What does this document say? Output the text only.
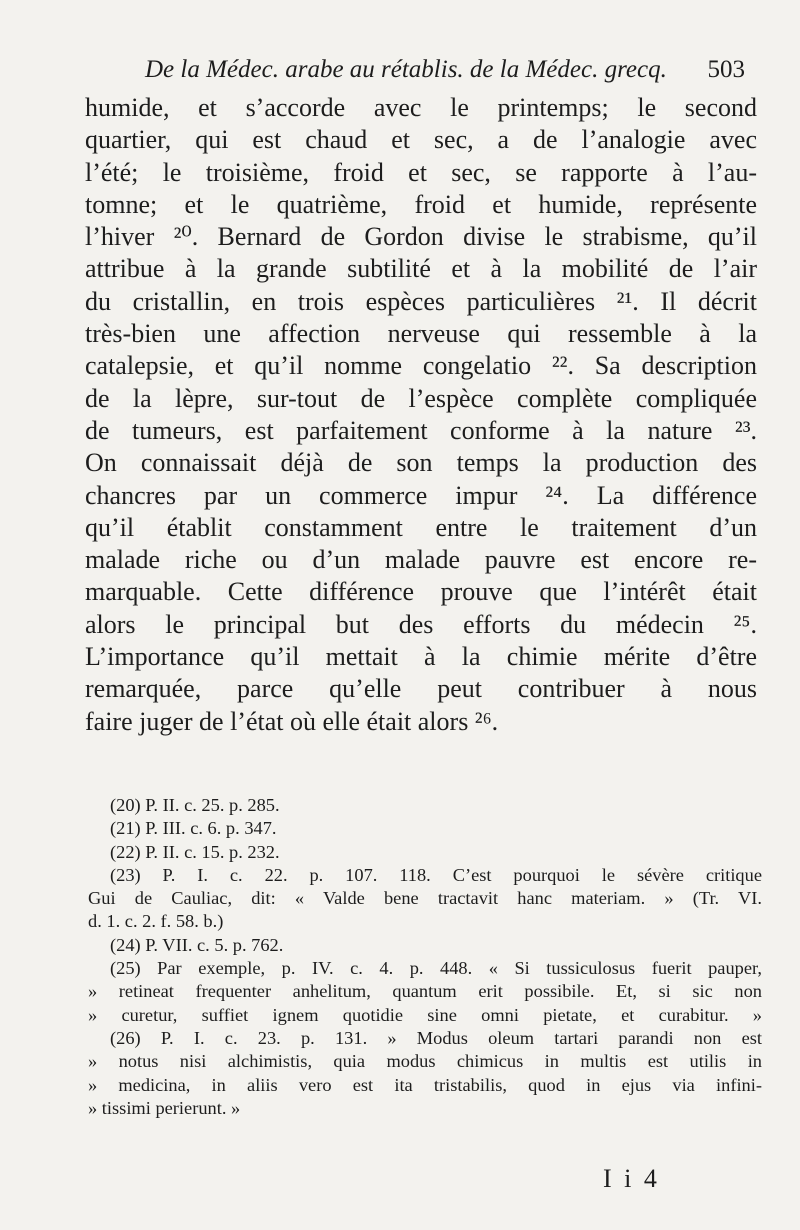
De la Médec. arabe au rétablis. de la Médec. grecq. 503
humide, et s’accorde avec le printemps; le second
quartier, qui est chaud et sec, a de l’analogie avec
l’été; le troisième, froid et sec, se rapporte à l’au-
tomne; et le quatrième, froid et humide, représente
l’hiver ²⁰. Bernard de Gordon divise le strabisme, qu’il
attribue à la grande subtilité et à la mobilité de l’air
du cristallin, en trois espèces particulières ²¹. Il décrit
très-bien une affection nerveuse qui ressemble à la
catalepsie, et qu’il nomme congelatio ²². Sa description
de la lèpre, sur-tout de l’espèce complète compliquée
de tumeurs, est parfaitement conforme à la nature ²³.
On connaissait déjà de son temps la production des
chancres par un commerce impur ²⁴. La différence
qu’il établit constamment entre le traitement d’un
malade riche ou d’un malade pauvre est encore re-
marquable. Cette différence prouve que l’intérêt était
alors le principal but des efforts du médecin ²⁵.
L’importance qu’il mettait à la chimie mérite d’être
remarquée, parce qu’elle peut contribuer à nous
faire juger de l’état où elle était alors ²⁶.
(20) P. II. c. 25. p. 285.
(21) P. III. c. 6. p. 347.
(22) P. II. c. 15. p. 232.
(23) P. I. c. 22. p. 107. 118. C’est pourquoi le sévère critique
Gui de Cauliac, dit: « Valde bene tractavit hanc materiam. » (Tr. VI.
d. 1. c. 2. f. 58. b.)
(24) P. VII. c. 5. p. 762.
(25) Par exemple, p. IV. c. 4. p. 448. « Si tussiculosus fuerit pauper,
» retineat frequenter anhelitum, quantum erit possibile. Et, si sic non
» curetur, suffiet ignem quotidie sine omni pietate, et curabitur. »
(26) P. I. c. 23. p. 131. » Modus oleum tartari parandi non est
» notus nisi alchimistis, quia modus chimicus in multis est utilis in
» medicina, in aliis vero est ita tristabilis, quod in ejus via infini-
» tissimi perierunt. »
I i 4
